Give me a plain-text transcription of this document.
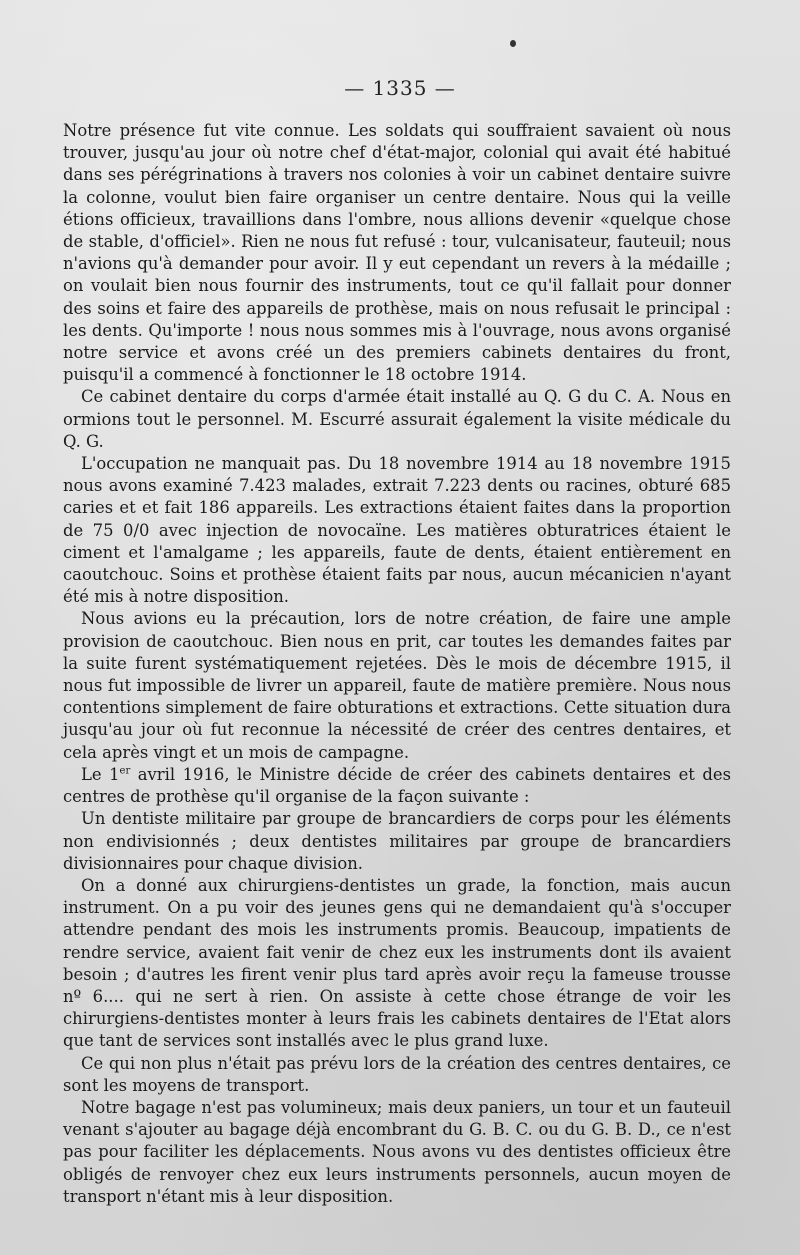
— 1335 —

Notre présence fut vite connue. Les soldats qui souffraient savaient où nous trouver, jusqu'au jour où notre chef d'état-major, colonial qui avait été habitué dans ses pérégrinations à travers nos colonies à voir un cabinet dentaire suivre la colonne, voulut bien faire organiser un centre dentaire. Nous qui la veille étions officieux, travaillions dans l'ombre, nous allions devenir «quelque chose de stable, d'officiel». Rien ne nous fut refusé : tour, vulcanisateur, fauteuil; nous n'avions qu'à demander pour avoir. Il y eut cependant un revers à la médaille ; on voulait bien nous fournir des instruments, tout ce qu'il fallait pour donner des soins et faire des appareils de prothèse, mais on nous refusait le principal : les dents. Qu'importe ! nous nous sommes mis à l'ouvrage, nous avons organisé notre service et avons créé un des premiers cabinets dentaires du front, puisqu'il a commencé à fonctionner le 18 octobre 1914.

Ce cabinet dentaire du corps d'armée était installé au Q. G du C. A. Nous en ormions tout le personnel. M. Escurré assurait également la visite médicale du Q. G.

L'occupation ne manquait pas. Du 18 novembre 1914 au 18 novembre 1915 nous avons examiné 7.423 malades, extrait 7.223 dents ou racines, obturé 685 caries et et fait 186 appareils. Les extractions étaient faites dans la proportion de 75 0/0 avec injection de novocaïne. Les matières obturatrices étaient le ciment et l'amalgame ; les appareils, faute de dents, étaient entièrement en caoutchouc. Soins et prothèse étaient faits par nous, aucun mécanicien n'ayant été mis à notre disposition.

Nous avions eu la précaution, lors de notre création, de faire une ample provision de caoutchouc. Bien nous en prit, car toutes les demandes faites par la suite furent systématiquement rejetées. Dès le mois de décembre 1915, il nous fut impossible de livrer un appareil, faute de matière première. Nous nous contentions simplement de faire obturations et extractions. Cette situation dura jusqu'au jour où fut reconnue la nécessité de créer des centres dentaires, et cela après vingt et un mois de campagne.

Le 1er avril 1916, le Ministre décide de créer des cabinets dentaires et des centres de prothèse qu'il organise de la façon suivante :

Un dentiste militaire par groupe de brancardiers de corps pour les éléments non endivisionnés ; deux dentistes militaires par groupe de brancardiers divisionnaires pour chaque division.

On a donné aux chirurgiens-dentistes un grade, la fonction, mais aucun instrument. On a pu voir des jeunes gens qui ne demandaient qu'à s'occuper attendre pendant des mois les instruments promis. Beaucoup, impatients de rendre service, avaient fait venir de chez eux les instruments dont ils avaient besoin ; d'autres les firent venir plus tard après avoir reçu la fameuse trousse nº 6.... qui ne sert à rien. On assiste à cette chose étrange de voir les chirurgiens-dentistes monter à leurs frais les cabinets dentaires de l'Etat alors que tant de services sont installés avec le plus grand luxe.

Ce qui non plus n'était pas prévu lors de la création des centres dentaires, ce sont les moyens de transport.

Notre bagage n'est pas volumineux; mais deux paniers, un tour et un fauteuil venant s'ajouter au bagage déjà encombrant du G. B. C. ou du G. B. D., ce n'est pas pour faciliter les déplacements. Nous avons vu des dentistes officieux être obligés de renvoyer chez eux leurs instruments personnels, aucun moyen de transport n'étant mis à leur disposition.
